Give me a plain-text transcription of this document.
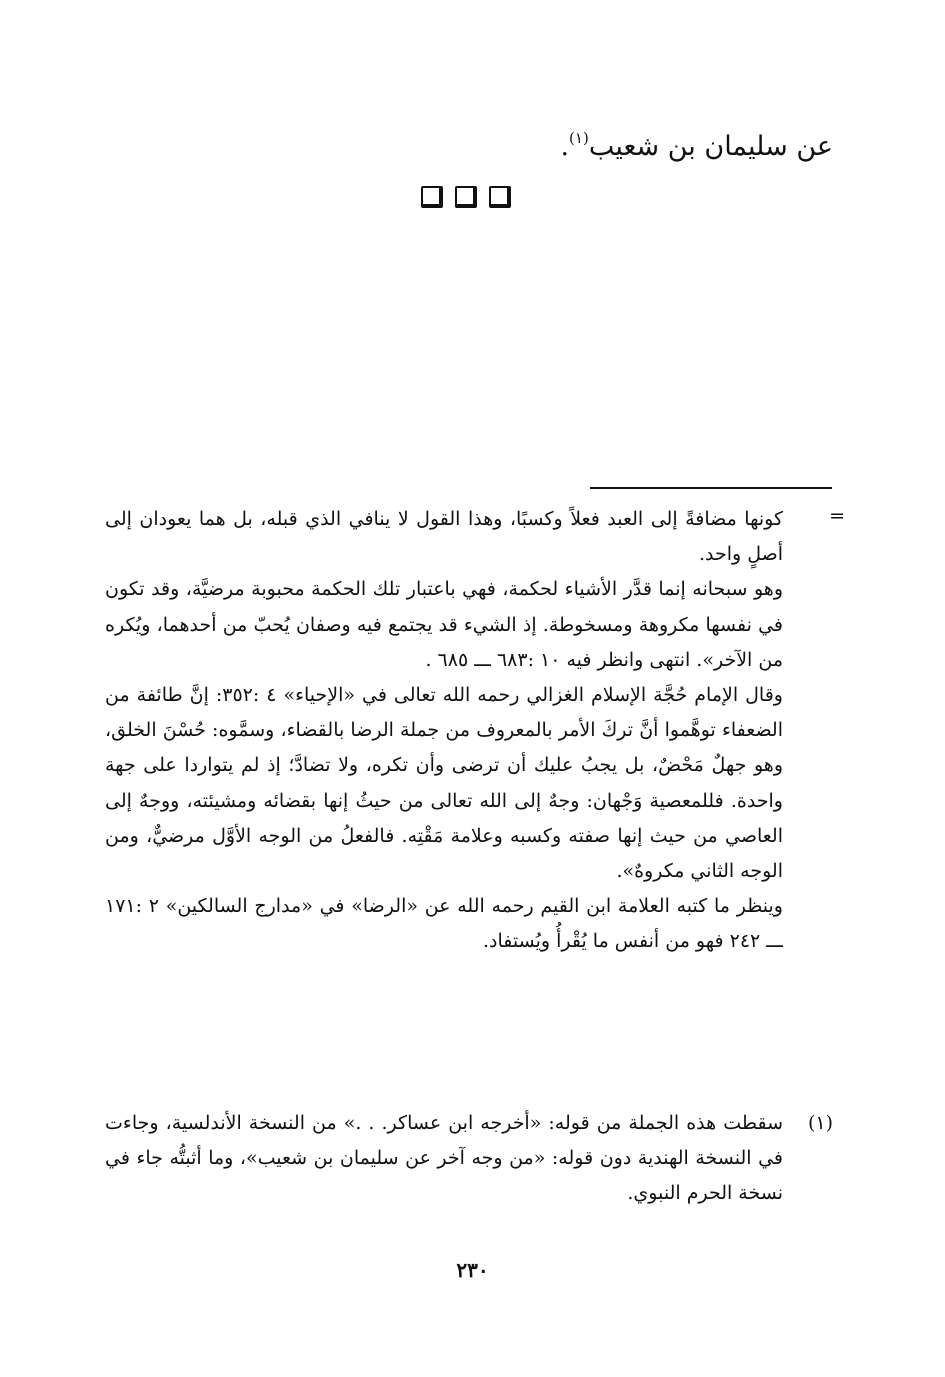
عن سليمان بن شعيب$^{(١)}$.
=

كونها مضافةً إلى العبد فعلاً وكسبًا، وهذا القول لا ينافي الذي قبله، بل هما يعودان إلى أصلٍ واحد.

وهو سبحانه إنما قدَّر الأشياء لحكمة، فهي باعتبار تلك الحكمة محبوبة مرضيَّة، وقد تكون في نفسها مكروهة ومسخوطة. إذ الشيء قد يجتمع فيه وصفان يُحبّ من أحدهما، ويُكره من الآخر». انتهى وانظر فيه ١٠ :٦٨٣ ـــ ٦٨٥ .

وقال الإمام حُجَّة الإسلام الغزالي رحمه الله تعالى في «الإحياء» ٤ :٣٥٢: إنَّ طائفة من الضعفاء توهَّموا أنَّ تركَ الأمر بالمعروف من جملة الرضا بالقضاء، وسمَّوه: حُسْنَ الخلق، وهو جهلٌ مَحْضٌ، بل يجبُ عليك أن ترضى وأن تكره، ولا تضادَّ؛ إذ لم يتواردا على جهة واحدة. فللمعصية وَجْهان: وجهٌ إلى الله تعالى من حيثُ إنها بقضائه ومشيئته، ووجهٌ إلى العاصي من حيث إنها صفته وكسبه وعلامة مَقْتِه. فالفعلُ من الوجه الأوَّل مرضيٌّ، ومن الوجه الثاني مكروهٌ».

وينظر ما كتبه العلامة ابن القيم رحمه الله عن «الرضا» في «مدارج السالكين» ٢ :١٧١ ـــ ٢٤٢ فهو من أنفس ما يُقْرأُ ويُستفاد.

(١)
سقطت هذه الجملة من قوله: «أخرجه ابن عساكر. . .» من النسخة الأندلسية، وجاءت في النسخة الهندية دون قوله: «من وجه آخر عن سليمان بن شعيب»، وما أثبتُّه جاء في نسخة الحرم النبوي.
٢٣٠
